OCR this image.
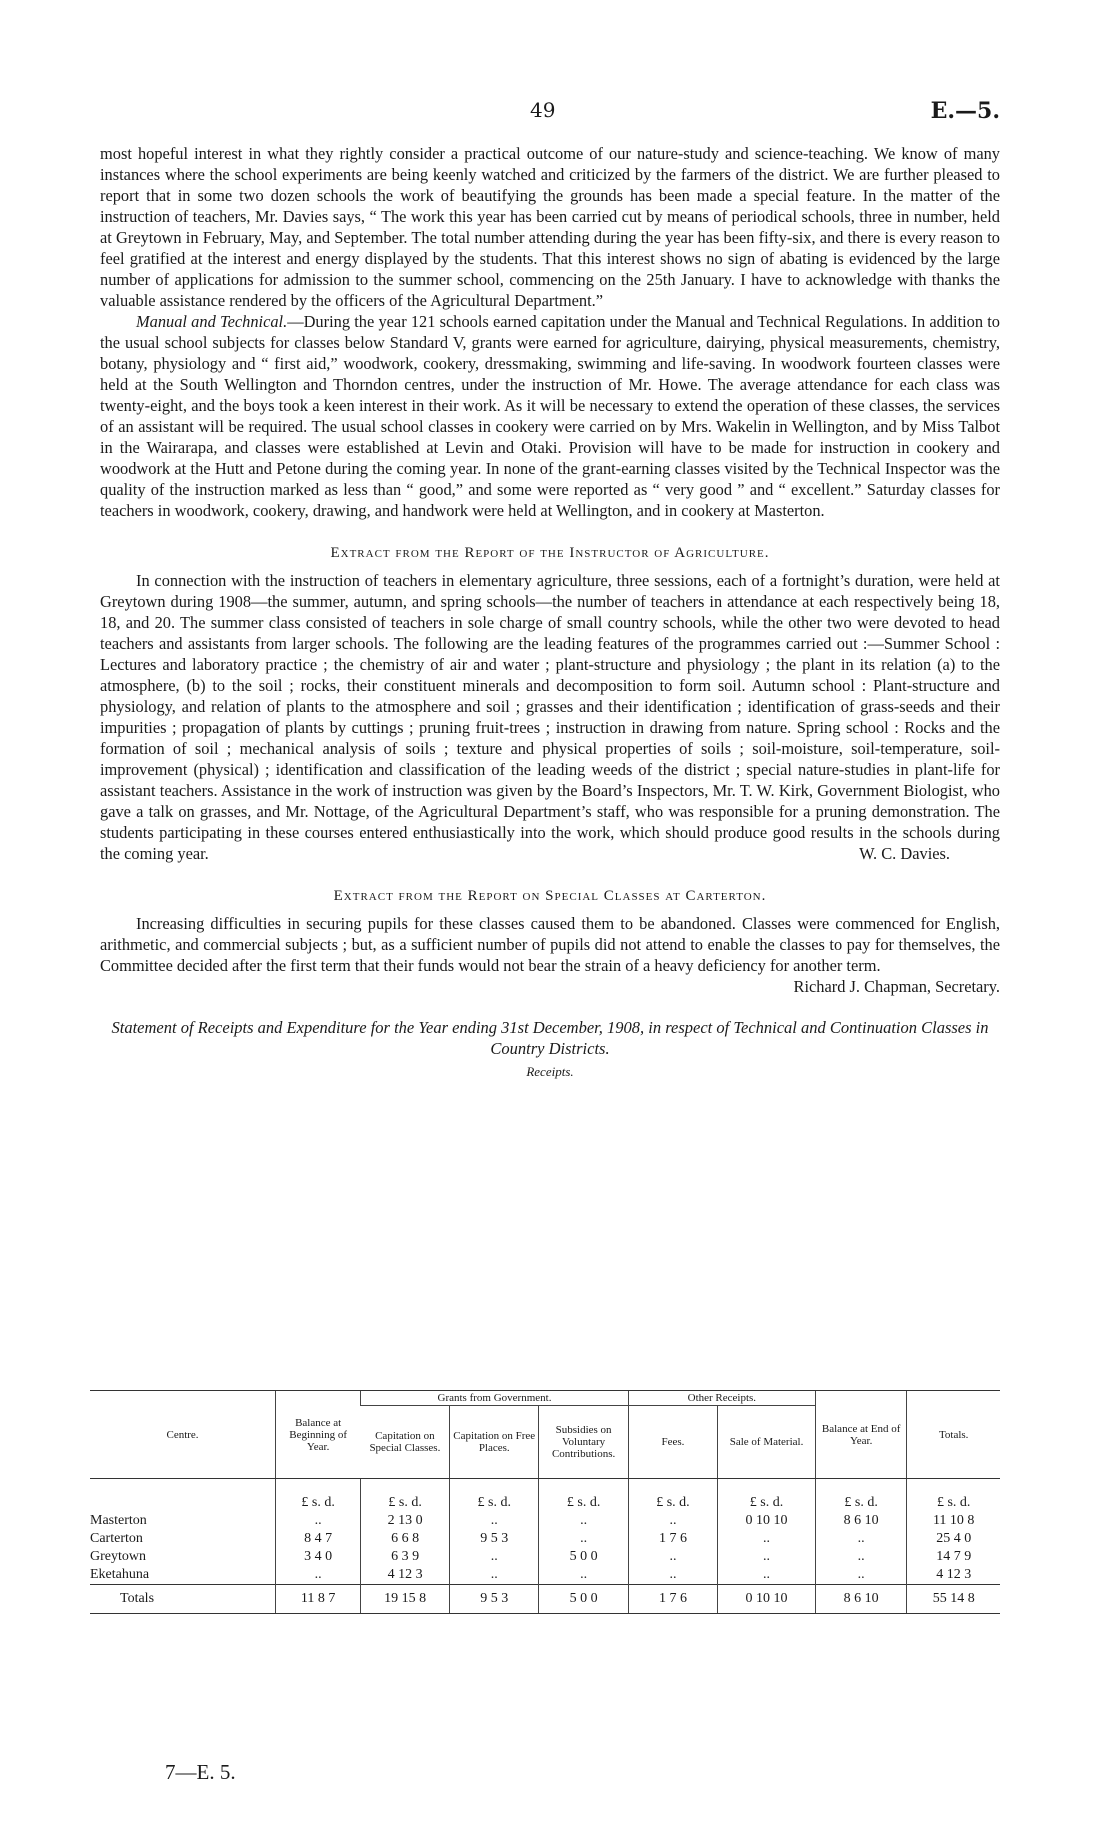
49	E.—5.

most hopeful interest in what they rightly consider a practical outcome of our nature-study and science-teaching. We know of many instances where the school experiments are being keenly watched and criticized by the farmers of the district. We are further pleased to report that in some two dozen schools the work of beautifying the grounds has been made a special feature. In the matter of the instruction of teachers, Mr. Davies says, “ The work this year has been carried cut by means of periodical schools, three in number, held at Greytown in February, May, and September. The total number attending during the year has been fifty-six, and there is every reason to feel gratified at the interest and energy displayed by the students. That this interest shows no sign of abating is evidenced by the large number of applications for admission to the summer school, commencing on the 25th January. I have to acknowledge with thanks the valuable assistance rendered by the officers of the Agricultural Department.”

Manual and Technical.—During the year 121 schools earned capitation under the Manual and Technical Regulations. In addition to the usual school subjects for classes below Standard V, grants were earned for agriculture, dairying, physical measurements, chemistry, botany, physiology and “ first aid,” woodwork, cookery, dressmaking, swimming and life-saving. In woodwork fourteen classes were held at the South Wellington and Thorndon centres, under the instruction of Mr. Howe. The average attendance for each class was twenty-eight, and the boys took a keen interest in their work. As it will be necessary to extend the operation of these classes, the services of an assistant will be required. The usual school classes in cookery were carried on by Mrs. Wakelin in Wellington, and by Miss Talbot in the Wairarapa, and classes were established at Levin and Otaki. Provision will have to be made for instruction in cookery and woodwork at the Hutt and Petone during the coming year. In none of the grant-earning classes visited by the Technical Inspector was the quality of the instruction marked as less than “ good,” and some were reported as “ very good ” and “ excellent.” Saturday classes for teachers in woodwork, cookery, drawing, and handwork were held at Wellington, and in cookery at Masterton.

Extract from the Report of the Instructor of Agriculture.

In connection with the instruction of teachers in elementary agriculture, three sessions, each of a fortnight’s duration, were held at Greytown during 1908—the summer, autumn, and spring schools—the number of teachers in attendance at each respectively being 18, 18, and 20. The summer class consisted of teachers in sole charge of small country schools, while the other two were devoted to head teachers and assistants from larger schools. The following are the leading features of the programmes carried out :—Summer School : Lectures and laboratory practice ; the chemistry of air and water ; plant-structure and physiology ; the plant in its relation (a) to the atmosphere, (b) to the soil ; rocks, their constituent minerals and decomposition to form soil. Autumn school : Plant-structure and physiology, and relation of plants to the atmosphere and soil ; grasses and their identification ; identification of grass-seeds and their impurities ; propagation of plants by cuttings ; pruning fruit-trees ; instruction in drawing from nature. Spring school : Rocks and the formation of soil ; mechanical analysis of soils ; texture and physical properties of soils ; soil-moisture, soil-temperature, soil-improvement (physical) ; identification and classification of the leading weeds of the district ; special nature-studies in plant-life for assistant teachers. Assistance in the work of instruction was given by the Board’s Inspectors, Mr. T. W. Kirk, Government Biologist, who gave a talk on grasses, and Mr. Nottage, of the Agricultural Department’s staff, who was responsible for a pruning demonstration. The students participating in these courses entered enthusiastically into the work, which should produce good results in the schools during the coming year.	W. C. Davies.
Extract from the Report on Special Classes at Carterton.

Increasing difficulties in securing pupils for these classes caused them to be abandoned. Classes were commenced for English, arithmetic, and commercial subjects ; but, as a sufficient number of pupils did not attend to enable the classes to pay for themselves, the Committee decided after the first term that their funds would not bear the strain of a heavy deficiency for another term.

Richard J. Chapman, Secretary.
Statement of Receipts and Expenditure for the Year ending 31st December, 1908, in respect of Technical and Continuation Classes in Country Districts.
Receipts.
Centre.	Balance at Beginning of Year.	Grants from Government.			Other Receipts.		Balance at End of Year.	Totals.
		Capitation on Special Classes.	Capitation on Free Places.	Subsidies on Voluntary Contributions.	Fees.	Sale of Material.		
	£ s. d.	£ s. d.	£ s. d.	£ s. d.	£ s. d.	£ s. d.	£ s. d.	£ s. d.
Masterton	..	2 13 0	..	..	..	0 10 10	8 6 10	11 10 8
Carterton	8 4 7	6 6 8	9 5 3	..	1 7 6	..	..	25 4 0
Greytown	3 4 0	6 3 9	..	5 0 0	..	..	..	14 7 9
Eketahuna	..	4 12 3	..	..	..	..	..	4 12 3
Totals	11 8 7	19 15 8	9 5 3	5 0 0	1 7 6	0 10 10	8 6 10	55 14 8
7—E. 5.
